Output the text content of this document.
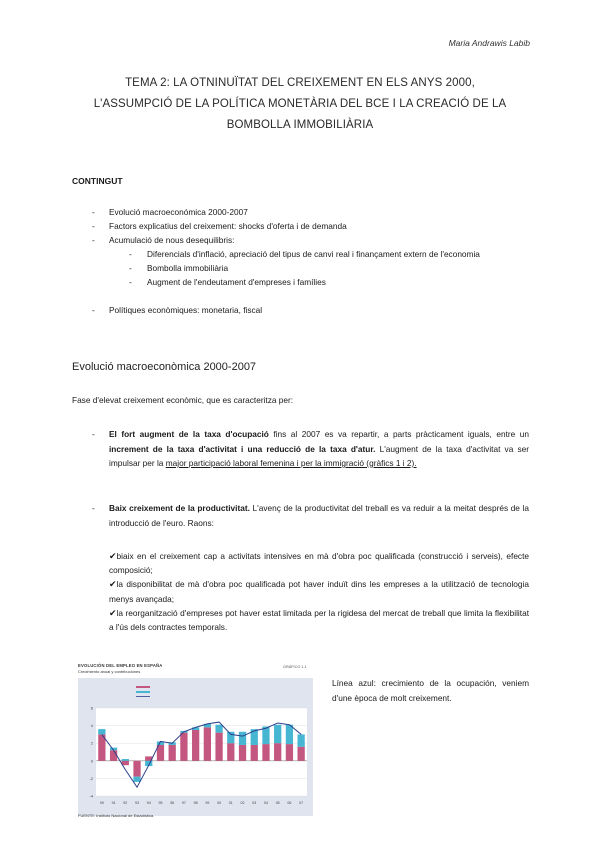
Maria Andrawis Labib
TEMA 2: LA OTNINUÏTAT DEL CREIXEMENT EN ELS ANYS 2000,
L'ASSUMPCIÓ DE LA POLÍTICA MONETÀRIA DEL BCE I LA CREACIÓ DE LA
BOMBOLLA IMMOBILIÀRIA
CONTINGUT
- Evolució macroeconómica 2000-2007
- Factors explicatius del creixement: shocks d'oferta i de demanda
- Acumulació de nous desequilibris:
- Diferencials d'inflació, apreciació del tipus de canvi real i finançament extern de l'economia
- Bombolla immobiliària
- Augment de l'endeutament d'empreses i famílies
- Polítiques econòmiques: monetaria, fiscal
Evolució macroeconòmica 2000-2007
Fase d'elevat creixement econòmic, que es caracteritza per:
- El fort augment de la taxa d'ocupació fins al 2007 es va repartir, a parts pràcticament iguals, entre un increment de la taxa d'activitat i una reducció de la taxa d'atur. L'augment de la taxa d'activitat va ser impulsar per la major participació laboral femenina i per la immigració (gràfics 1 i 2).
- Baix creixement de la productivitat. L'avenç de la productivitat del treball es va reduir a la meitat després de la introducció de l'euro. Raons:

✔biaix en el creixement cap a activitats intensives en mà d'obra poc qualificada (construcció i serveis), efecte composició;

✔la disponibilitat de mà d'obra poc qualificada pot haver induït dins les empreses a la utilització de tecnologia menys avançada;

✔la reorganització d'empreses pot haver estat limitada per la rigidesa del mercat de treball que limita la flexibilitat a l'ús dels contractes temporals.

EVOLUCIÓN DEL EMPLEO EN ESPAÑA
Crecimiento anual y contribuciones
GRÁFICO 1.1
-4
-2
0
2
4
6
90 91 92 93 94 95 96 97 98 99 00 01 02 03 04 05 06 07
FUENTE: Instituto Nacional de Estadística.
Línea azul: crecimiento de la ocupación, veniem d'une època de molt creixement.
